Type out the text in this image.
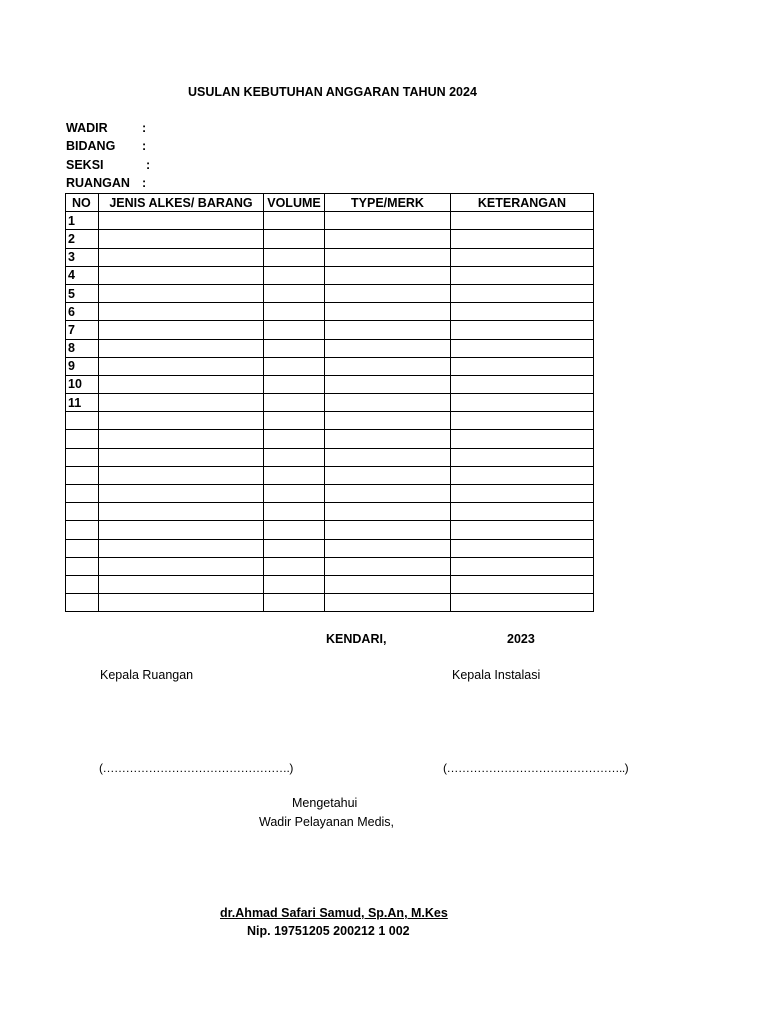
USULAN KEBUTUHAN ANGGARAN TAHUN 2024
WADIR	:
BIDANG :
SEKSI	:
RUANGAN :
NO	JENIS ALKES/ BARANG	VOLUME	TYPE/MERK	KETERANGAN
1				
2				
3				
4				
5				
6				
7				
8				
9				
10				
11				

KENDARI,	2023
Kepala Ruangan	Kepala Instalasi
(………………………………………….)	(………………………………………..)
Mengetahui
Wadir Pelayanan Medis,
dr.Ahmad Safari Samud, Sp.An, M.Kes
Nip. 19751205 200212 1 002
